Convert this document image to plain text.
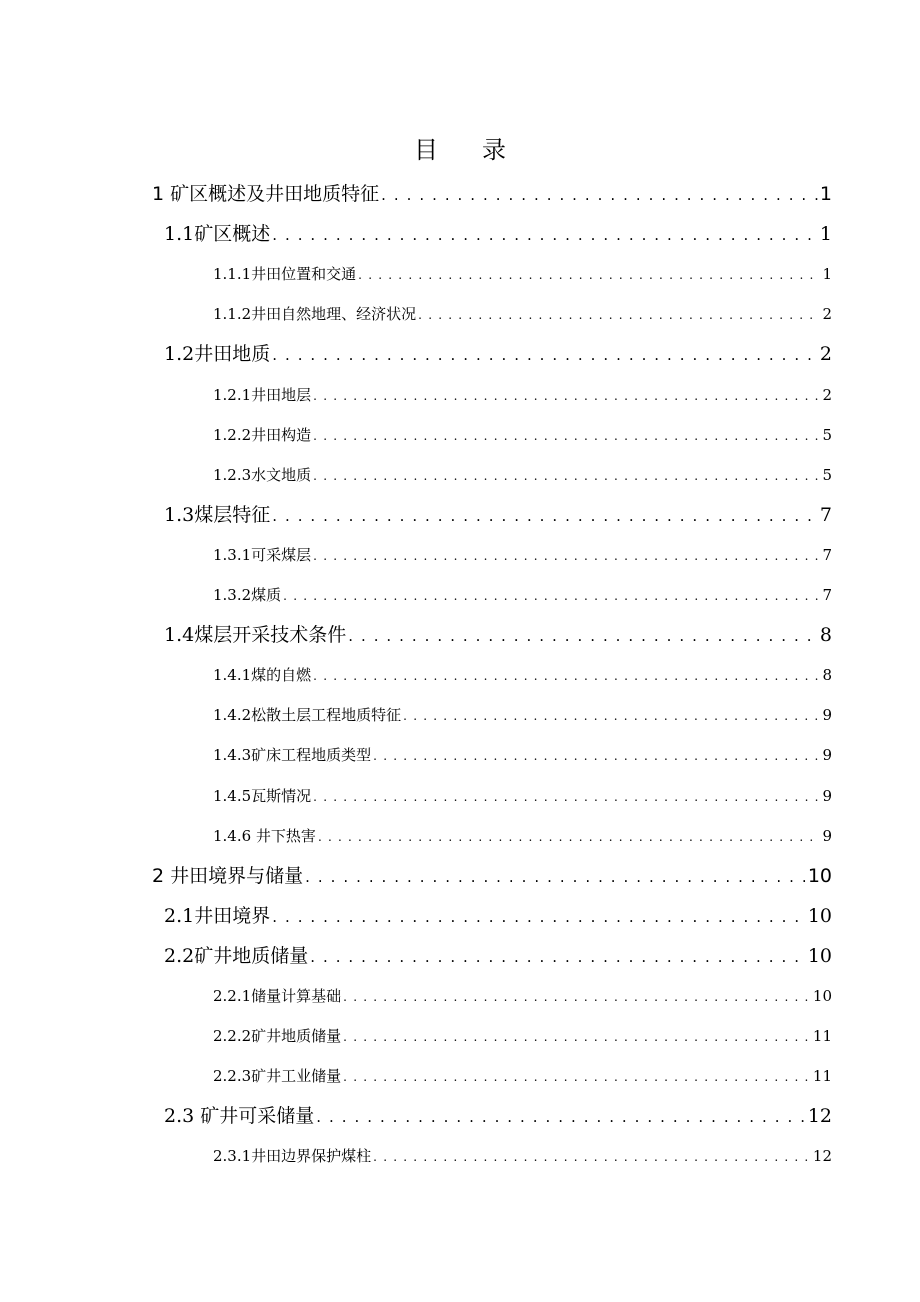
目 录
1 矿区概述及井田地质特征 . . .	1
1.1矿区概述 . . .	1
1.1.1井田位置和交通 . . .	1
1.1.2井田自然地理、经济状况 . . .	2
1.2井田地质 . . .	2
1.2.1井田地层 . . .	2
1.2.2井田构造 . . .	5
1.2.3水文地质 . . .	5
1.3煤层特征 . . .	7
1.3.1可采煤层 . . .	7
1.3.2煤质 . . .	7
1.4煤层开采技术条件 . . .	8
1.4.1煤的自燃 . . .	8
1.4.2松散土层工程地质特征 . . .	9
1.4.3矿床工程地质类型 . . .	9
1.4.5瓦斯情况 . . .	9
1.4.6 井下热害 . . .	9
2 井田境界与储量 . . .	10
2.1井田境界 . . .	10
2.2矿井地质储量 . . .	10
2.2.1储量计算基础 . . .	10
2.2.2矿井地质储量 . . .	11
2.2.3矿井工业储量 . . .	11
2.3 矿井可采储量 . . .	12
2.3.1井田边界保护煤柱 . . .	12
